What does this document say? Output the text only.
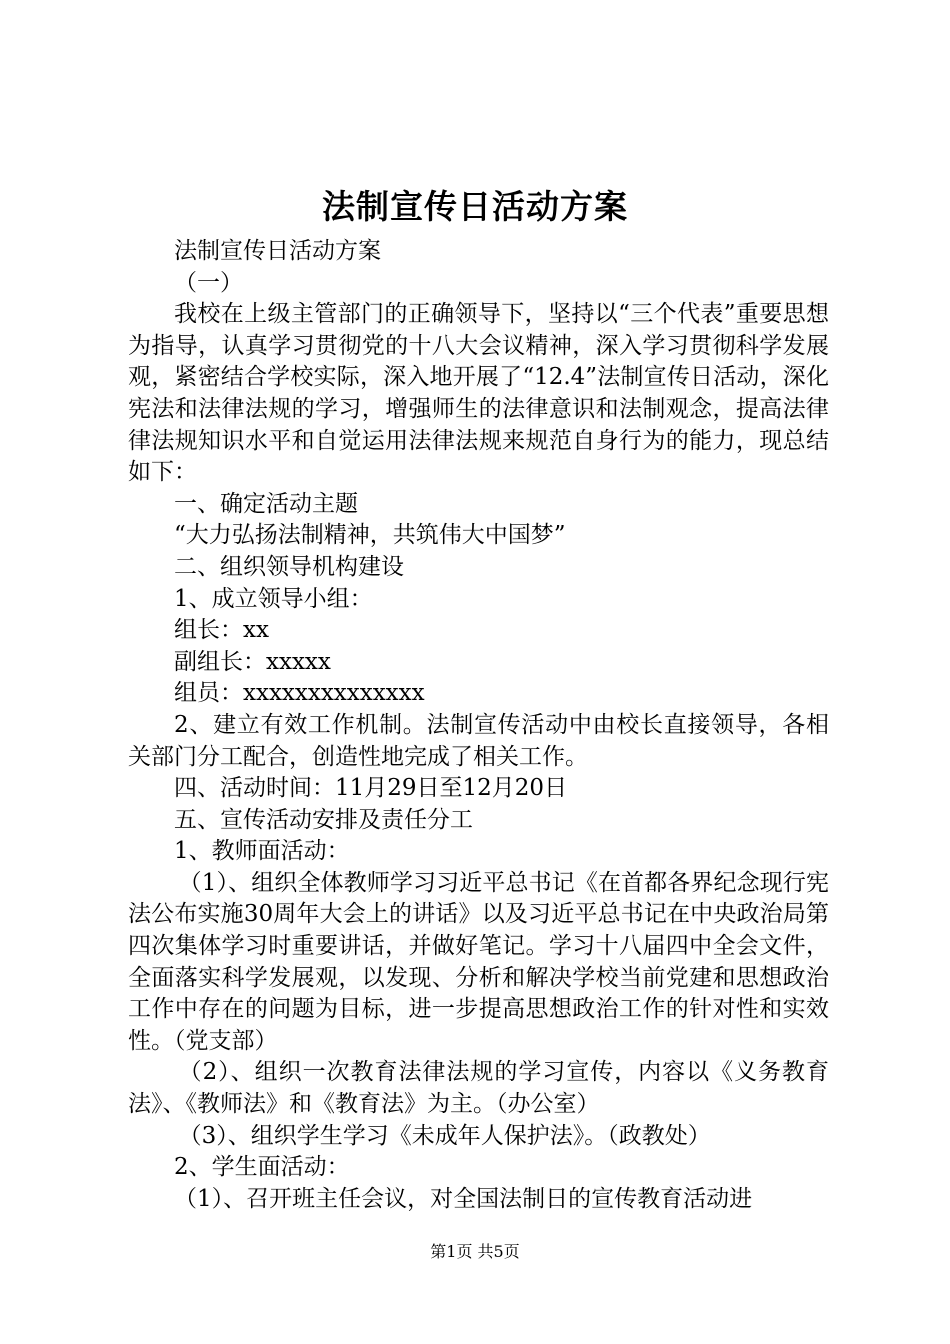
法制宣传日活动方案

法制宣传日活动方案

（一）

我校在上级主管部门的正确领导下，坚持以“三个代表”重要思想为指导，认真学习贯彻党的十八大会议精神，深入学习贯彻科学发展观，紧密结合学校实际，深入地开展了“12.4”法制宣传日活动，深化宪法和法律法规的学习，增强师生的法律意识和法制观念，提高法律律法规知识水平和自觉运用法律法规来规范自身行为的能力，现总结如下：

一、确定活动主题

“大力弘扬法制精神，共筑伟大中国梦”

二、组织领导机构建设

1、成立领导小组：

组长：xx

副组长：xxxxx

组员：xxxxxxxxxxxxxx

2、建立有效工作机制。法制宣传活动中由校长直接领导，各相关部门分工配合，创造性地完成了相关工作。

四、活动时间：11月29日至12月20日

五、宣传活动安排及责任分工

1、教师面活动：

（1）、组织全体教师学习习近平总书记《在首都各界纪念现行宪法公布实施30周年大会上的讲话》以及习近平总书记在中央政治局第四次集体学习时重要讲话，并做好笔记。学习十八届四中全会文件，全面落实科学发展观，以发现、分析和解决学校当前党建和思想政治工作中存在的问题为目标，进一步提高思想政治工作的针对性和实效性。（党支部）

（2）、组织一次教育法律法规的学习宣传，内容以《义务教育法》、《教师法》和《教育法》为主。（办公室）

（3）、组织学生学习《未成年人保护法》。（政教处）

2、学生面活动：

（1）、召开班主任会议，对全国法制日的宣传教育活动进

第1页 共5页
